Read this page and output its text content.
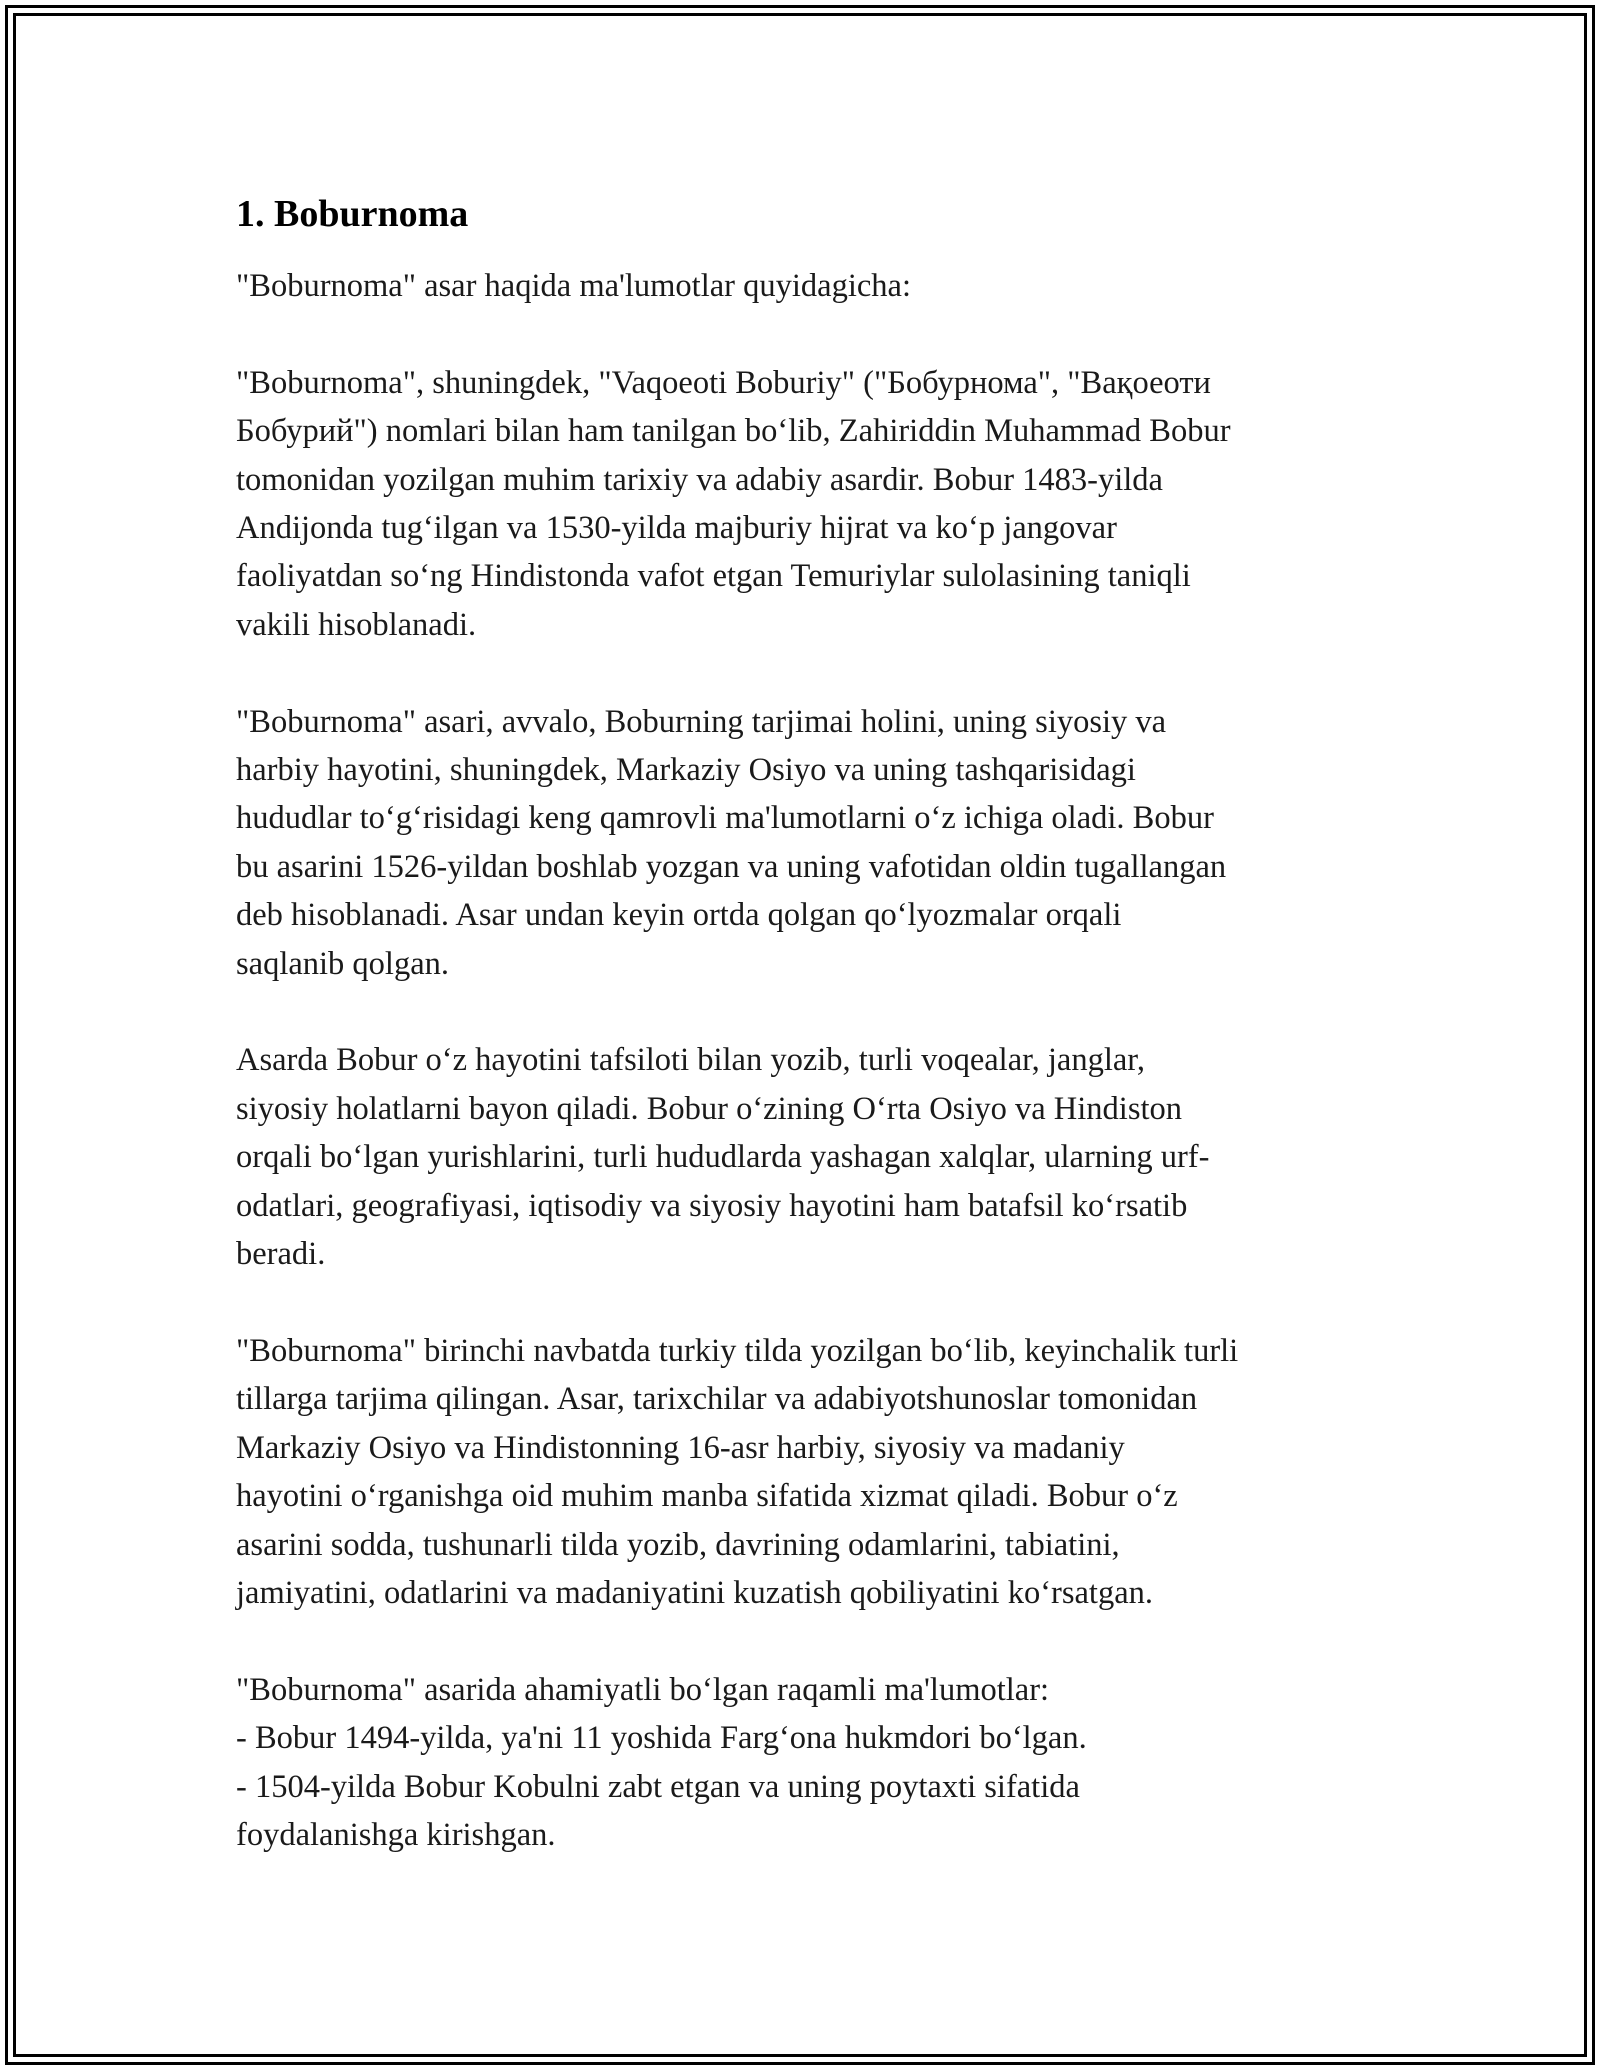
1. Boburnoma

"Boburnoma" asar haqida ma'lumotlar quyidagicha:

"Boburnoma", shuningdek, "Vaqoeoti Boburiy" ("Бобурнома", "Вақоеоти
Бобурий") nomlari bilan ham tanilgan boʻlib, Zahiriddin Muhammad Bobur
tomonidan yozilgan muhim tarixiy va adabiy asardir. Bobur 1483-yilda
Andijonda tugʻilgan va 1530-yilda majburiy hijrat va koʻp jangovar
faoliyatdan soʻng Hindistonda vafot etgan Temuriylar sulolasining taniqli
vakili hisoblanadi.

"Boburnoma" asari, avvalo, Boburning tarjimai holini, uning siyosiy va
harbiy hayotini, shuningdek, Markaziy Osiyo va uning tashqarisidagi
hududlar toʻgʻrisidagi keng qamrovli ma'lumotlarni oʻz ichiga oladi. Bobur
bu asarini 1526-yildan boshlab yozgan va uning vafotidan oldin tugallangan
deb hisoblanadi. Asar undan keyin ortda qolgan qoʻlyozmalar orqali
saqlanib qolgan.

Asarda Bobur oʻz hayotini tafsiloti bilan yozib, turli voqealar, janglar,
siyosiy holatlarni bayon qiladi. Bobur oʻzining Oʻrta Osiyo va Hindiston
orqali boʻlgan yurishlarini, turli hududlarda yashagan xalqlar, ularning urf-
odatlari, geografiyasi, iqtisodiy va siyosiy hayotini ham batafsil koʻrsatib
beradi.

"Boburnoma" birinchi navbatda turkiy tilda yozilgan boʻlib, keyinchalik turli
tillarga tarjima qilingan. Asar, tarixchilar va adabiyotshunoslar tomonidan
Markaziy Osiyo va Hindistonning 16-asr harbiy, siyosiy va madaniy
hayotini oʻrganishga oid muhim manba sifatida xizmat qiladi. Bobur oʻz
asarini sodda, tushunarli tilda yozib, davrining odamlarini, tabiatini,
jamiyatini, odatlarini va madaniyatini kuzatish qobiliyatini koʻrsatgan.

"Boburnoma" asarida ahamiyatli boʻlgan raqamli ma'lumotlar:
- Bobur 1494-yilda, ya'ni 11 yoshida Fargʻona hukmdori boʻlgan.
- 1504-yilda Bobur Kobulni zabt etgan va uning poytaxti sifatida
foydalanishga kirishgan.
